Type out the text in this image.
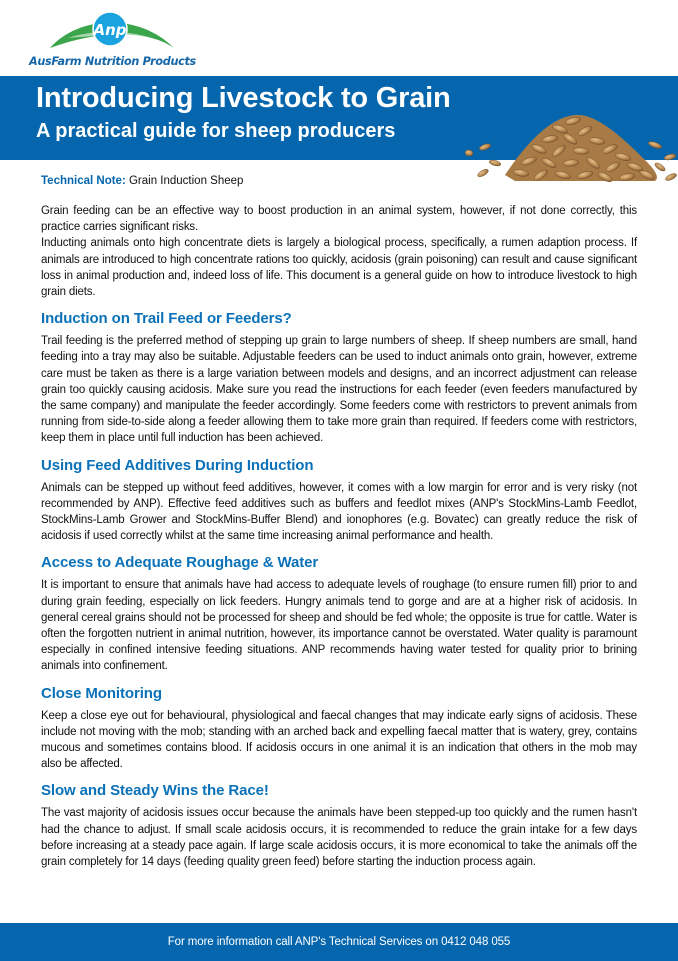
Anp
AusFarm Nutrition Products
Introducing Livestock to Grain
A practical guide for sheep producers
Technical Note: Grain Induction Sheep

Grain feeding can be an effective way to boost production in an animal system, however, if not done correctly, this practice carries significant risks.

Inducting animals onto high concentrate diets is largely a biological process, specifically, a rumen adaption process. If animals are introduced to high concentrate rations too quickly, acidosis (grain poisoning) can result and cause significant loss in animal production and, indeed loss of life. This document is a general guide on how to introduce livestock to high grain diets.

Induction on Trail Feed or Feeders?

Trail feeding is the preferred method of stepping up grain to large numbers of sheep. If sheep numbers are small, hand feeding into a tray may also be suitable. Adjustable feeders can be used to induct animals onto grain, however, extreme care must be taken as there is a large variation between models and designs, and an incorrect adjustment can release grain too quickly causing acidosis. Make sure you read the instructions for each feeder (even feeders manufactured by the same company) and manipulate the feeder accordingly. Some feeders come with restrictors to prevent animals from running from side-to-side along a feeder allowing them to take more grain than required. If feeders come with restrictors, keep them in place until full induction has been achieved.

Using Feed Additives During Induction

Animals can be stepped up without feed additives, however, it comes with a low margin for error and is very risky (not recommended by ANP). Effective feed additives such as buffers and feedlot mixes (ANP's StockMins-Lamb Feedlot, StockMins-Lamb Grower and StockMins-Buffer Blend) and ionophores (e.g. Bovatec) can greatly reduce the risk of acidosis if used correctly whilst at the same time increasing animal performance and health.

Access to Adequate Roughage & Water

It is important to ensure that animals have had access to adequate levels of roughage (to ensure rumen fill) prior to and during grain feeding, especially on lick feeders. Hungry animals tend to gorge and are at a higher risk of acidosis. In general cereal grains should not be processed for sheep and should be fed whole; the opposite is true for cattle. Water is often the forgotten nutrient in animal nutrition, however, its importance cannot be overstated. Water quality is paramount especially in confined intensive feeding situations. ANP recommends having water tested for quality prior to brining animals into confinement.

Close Monitoring

Keep a close eye out for behavioural, physiological and faecal changes that may indicate early signs of acidosis. These include not moving with the mob; standing with an arched back and expelling faecal matter that is watery, grey, contains mucous and sometimes contains blood. If acidosis occurs in one animal it is an indication that others in the mob may also be affected.

Slow and Steady Wins the Race!

The vast majority of acidosis issues occur because the animals have been stepped-up too quickly and the rumen hasn't had the chance to adjust. If small scale acidosis occurs, it is recommended to reduce the grain intake for a few days before increasing at a steady pace again. If large scale acidosis occurs, it is more economical to take the animals off the grain completely for 14 days (feeding quality green feed) before starting the induction process again.

For more information call ANP's Technical Services on 0412 048 055
